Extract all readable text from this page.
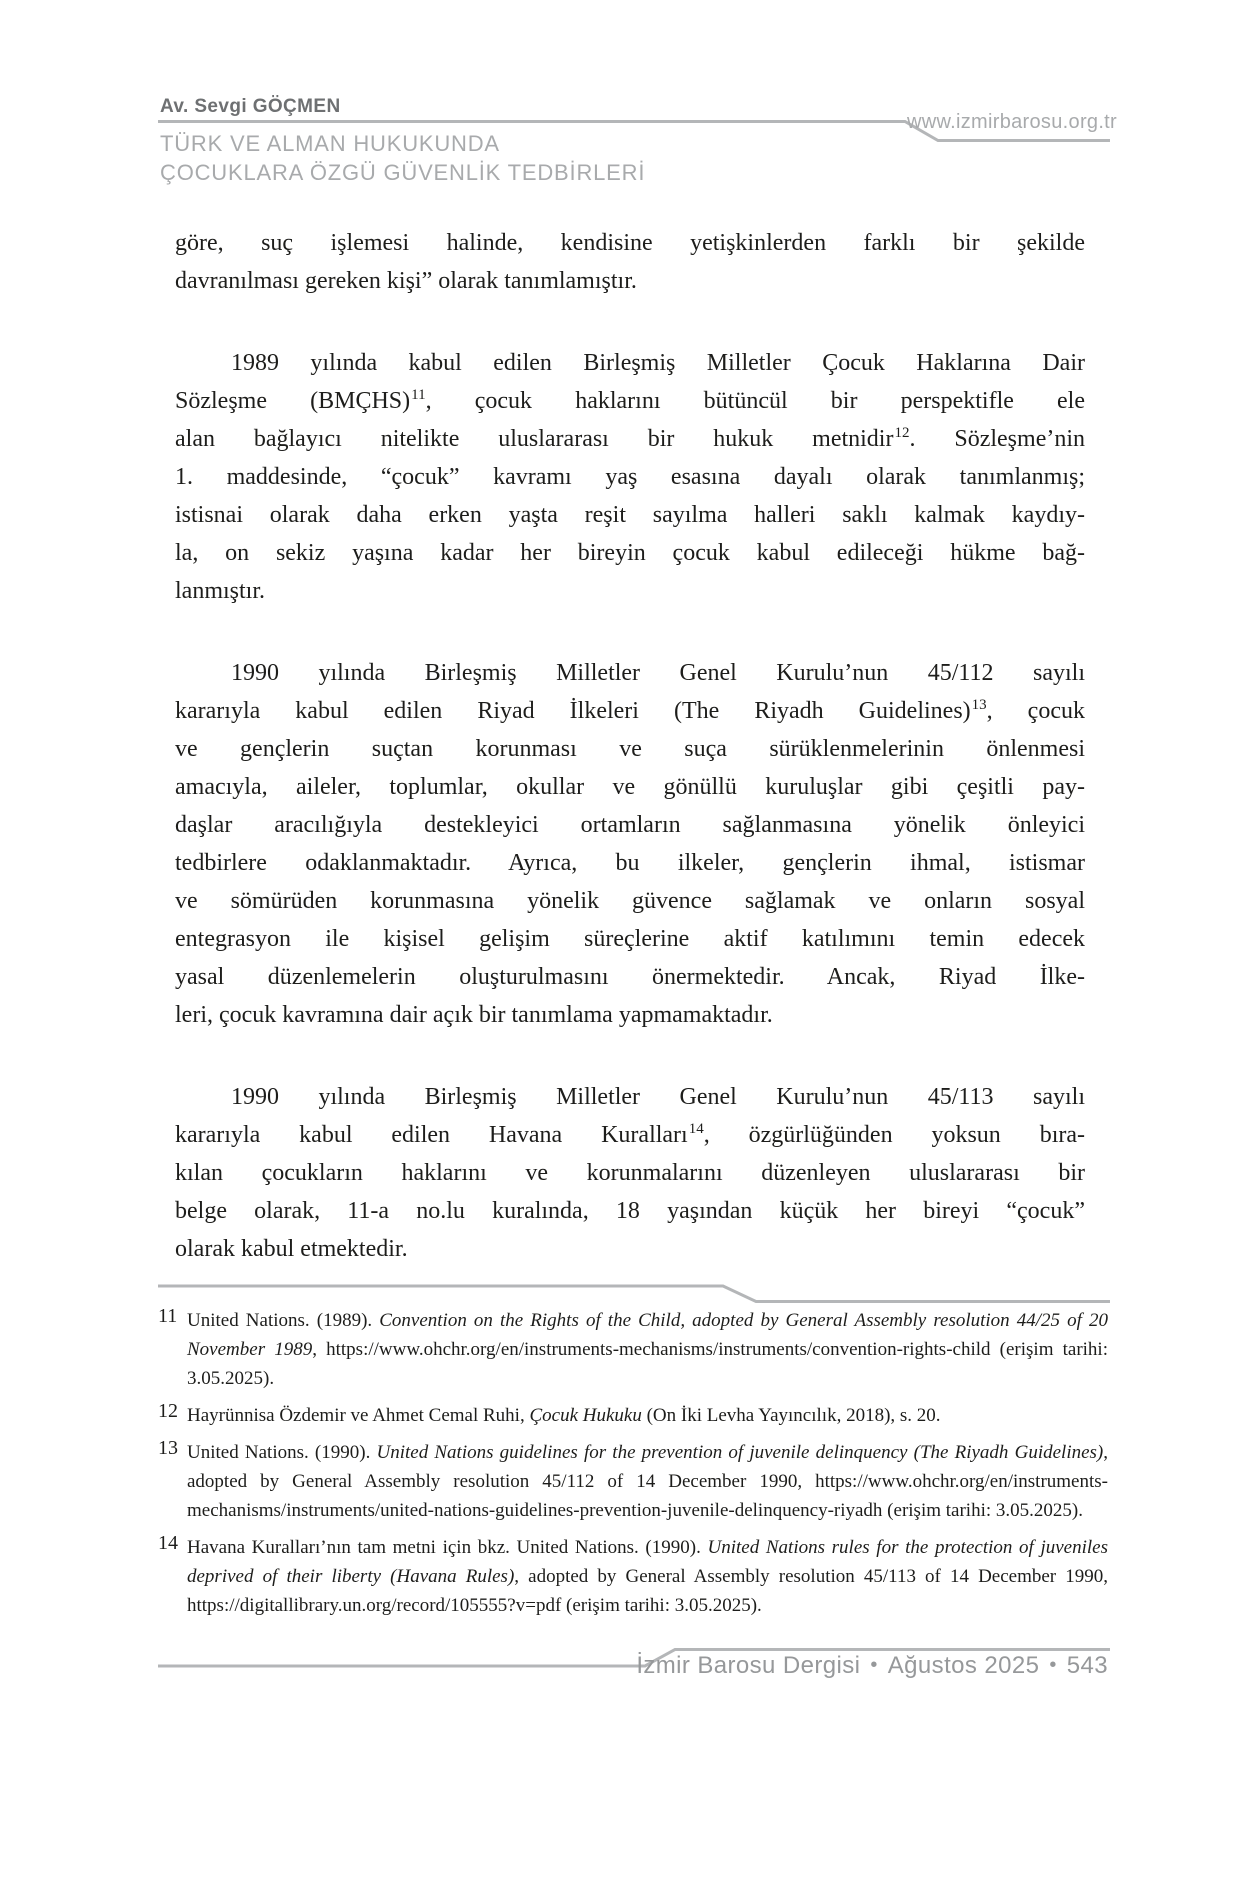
Av. Sevgi GÖÇMEN
www.izmirbarosu.org.tr
TÜRK VE ALMAN HUKUKUNDA
ÇOCUKLARA ÖZGÜ GÜVENLİK TEDBİRLERİ
göre, suç işlemesi halinde, kendisine yetişkinlerden farklı bir şekilde
davranılması gereken kişi” olarak tanımlamıştır.
1989 yılında kabul edilen Birleşmiş Milletler Çocuk Haklarına Dair
Sözleşme (BMÇHS)$^{11}$, çocuk haklarını bütüncül bir perspektifle ele
alan bağlayıcı nitelikte uluslararası bir hukuk metnidir$^{12}$. Sözleşme’nin
1. maddesinde, “çocuk” kavramı yaş esasına dayalı olarak tanımlanmış;
istisnai olarak daha erken yaşta reşit sayılma halleri saklı kalmak kaydıy-
la, on sekiz yaşına kadar her bireyin çocuk kabul edileceği hükme bağ-
lanmıştır.
1990 yılında Birleşmiş Milletler Genel Kurulu’nun 45/112 sayılı
kararıyla kabul edilen Riyad İlkeleri (The Riyadh Guidelines)$^{13}$, çocuk
ve gençlerin suçtan korunması ve suça sürüklenmelerinin önlenmesi
amacıyla, aileler, toplumlar, okullar ve gönüllü kuruluşlar gibi çeşitli pay-
daşlar aracılığıyla destekleyici ortamların sağlanmasına yönelik önleyici
tedbirlere odaklanmaktadır. Ayrıca, bu ilkeler, gençlerin ihmal, istismar
ve sömürüden korunmasına yönelik güvence sağlamak ve onların sosyal
entegrasyon ile kişisel gelişim süreçlerine aktif katılımını temin edecek
yasal düzenlemelerin oluşturulmasını önermektedir. Ancak, Riyad İlke-
leri, çocuk kavramına dair açık bir tanımlama yapmamaktadır.
1990 yılında Birleşmiş Milletler Genel Kurulu’nun 45/113 sayılı
kararıyla kabul edilen Havana Kuralları$^{14}$, özgürlüğünden yoksun bıra-
kılan çocukların haklarını ve korunmalarını düzenleyen uluslararası bir
belge olarak, 11-a no.lu kuralında, 18 yaşından küçük her bireyi “çocuk”
olarak kabul etmektedir.
11 United Nations. (1989). Convention on the Rights of the Child, adopted by General Assembly resolution 44/25 of 20 November 1989, https://www.ohchr.org/en/instruments-mechanisms/instruments/convention-rights-child (erişim tarihi: 3.05.2025).
12 Hayrünnisa Özdemir ve Ahmet Cemal Ruhi, Çocuk Hukuku (On İki Levha Yayıncılık, 2018), s. 20.
13 United Nations. (1990). United Nations guidelines for the prevention of juvenile delinquency (The Riyadh Guidelines), adopted by General Assembly resolution 45/112 of 14 December 1990, https://www.ohchr.org/en/instruments-mechanisms/instruments/united-nations-guidelines-prevention-juvenile-delinquency-riyadh (erişim tarihi: 3.05.2025).
14 Havana Kuralları’nın tam metni için bkz. United Nations. (1990). United Nations rules for the protection of juveniles deprived of their liberty (Havana Rules), adopted by General Assembly resolution 45/113 of 14 December 1990, https://digitallibrary.un.org/record/105555?v=pdf (erişim tarihi: 3.05.2025).
İzmir Barosu Dergisi • Ağustos 2025 • 543
